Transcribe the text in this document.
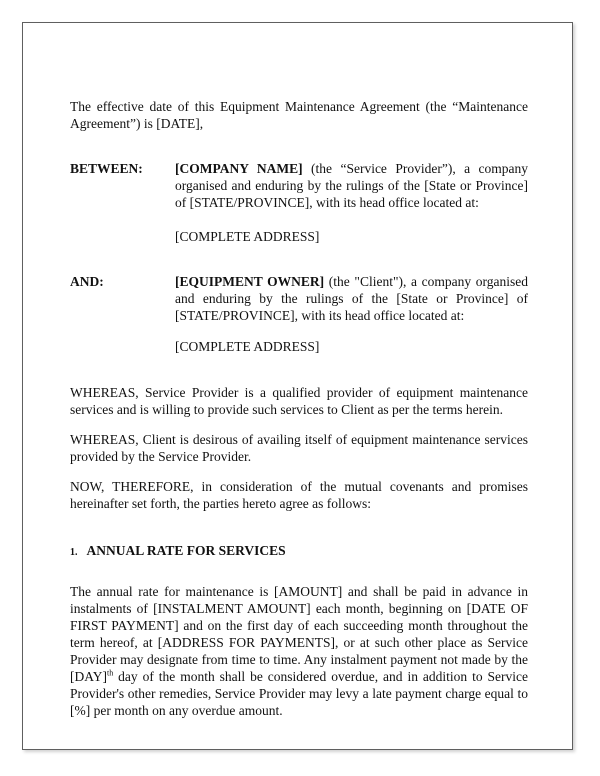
The effective date of this Equipment Maintenance Agreement (the “Maintenance Agreement”) is [DATE],

BETWEEN:	[COMPANY NAME] (the “Service Provider”), a company organised and enduring by the rulings of the [State or Province] of [STATE/PROVINCE], with its head office located at:

[COMPLETE ADDRESS]

AND:	[EQUIPMENT OWNER] (the "Client"), a company organised and enduring by the rulings of the [State or Province] of [STATE/PROVINCE], with its head office located at:

[COMPLETE ADDRESS]

WHEREAS, Service Provider is a qualified provider of equipment maintenance services and is willing to provide such services to Client as per the terms herein.

WHEREAS, Client is desirous of availing itself of equipment maintenance services provided by the Service Provider.

NOW, THEREFORE, in consideration of the mutual covenants and promises hereinafter set forth, the parties hereto agree as follows:

1. ANNUAL RATE FOR SERVICES

The annual rate for maintenance is [AMOUNT] and shall be paid in advance in instalments of [INSTALMENT AMOUNT] each month, beginning on [DATE OF FIRST PAYMENT] and on the first day of each succeeding month throughout the term hereof, at [ADDRESS FOR PAYMENTS], or at such other place as Service Provider may designate from time to time. Any instalment payment not made by the [DAY]$^{th}$ day of the month shall be considered overdue, and in addition to Service Provider's other remedies, Service Provider may levy a late payment charge equal to [%] per month on any overdue amount.
